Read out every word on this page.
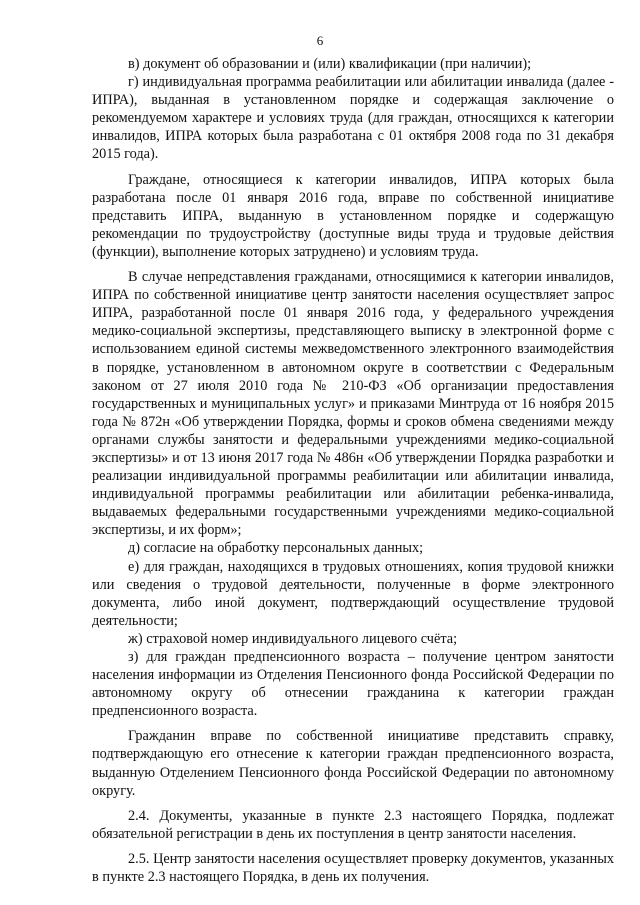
6

в) документ об образовании и (или) квалификации (при наличии);

г) индивидуальная программа реабилитации или абилитации инвалида (далее - ИПРА), выданная в установленном порядке и содержащая заключение о рекомендуемом характере и условиях труда (для граждан, относящихся к категории инвалидов, ИПРА которых была разработана с 01 октября 2008 года по 31 декабря 2015 года).

Граждане, относящиеся к категории инвалидов, ИПРА которых была разработана после 01 января 2016 года, вправе по собственной инициативе представить ИПРА, выданную в установленном порядке и содержащую рекомендации по трудоустройству (доступные виды труда и трудовые действия (функции), выполнение которых затруднено) и условиям труда.

В случае непредставления гражданами, относящимися к категории инвалидов, ИПРА по собственной инициативе центр занятости населения осуществляет запрос ИПРА, разработанной после 01 января 2016 года, у федерального учреждения медико-социальной экспертизы, представляющего выписку в электронной форме с использованием единой системы межведомственного электронного взаимодействия в порядке, установленном в автономном округе в соответствии с Федеральным законом от 27 июля 2010 года № 210-ФЗ «Об организации предоставления государственных и муниципальных услуг» и приказами Минтруда от 16 ноября 2015 года № 872н «Об утверждении Порядка, формы и сроков обмена сведениями между органами службы занятости и федеральными учреждениями медико-социальной экспертизы» и от 13 июня 2017 года № 486н «Об утверждении Порядка разработки и реализации индивидуальной программы реабилитации или абилитации инвалида, индивидуальной программы реабилитации или абилитации ребенка-инвалида, выдаваемых федеральными государственными учреждениями медико-социальной экспертизы, и их форм»;

д) согласие на обработку персональных данных;

е) для граждан, находящихся в трудовых отношениях, копия трудовой книжки или сведения о трудовой деятельности, полученные в форме электронного документа, либо иной документ, подтверждающий осуществление трудовой деятельности;

ж) страховой номер индивидуального лицевого счёта;

з) для граждан предпенсионного возраста – получение центром занятости населения информации из Отделения Пенсионного фонда Российской Федерации по автономному округу об отнесении гражданина к категории граждан предпенсионного возраста.

Гражданин вправе по собственной инициативе представить справку, подтверждающую его отнесение к категории граждан предпенсионного возраста, выданную Отделением Пенсионного фонда Российской Федерации по автономному округу.

2.4. Документы, указанные в пункте 2.3 настоящего Порядка, подлежат обязательной регистрации в день их поступления в центр занятости населения.

2.5. Центр занятости населения осуществляет проверку документов, указанных в пункте 2.3 настоящего Порядка, в день их получения.
